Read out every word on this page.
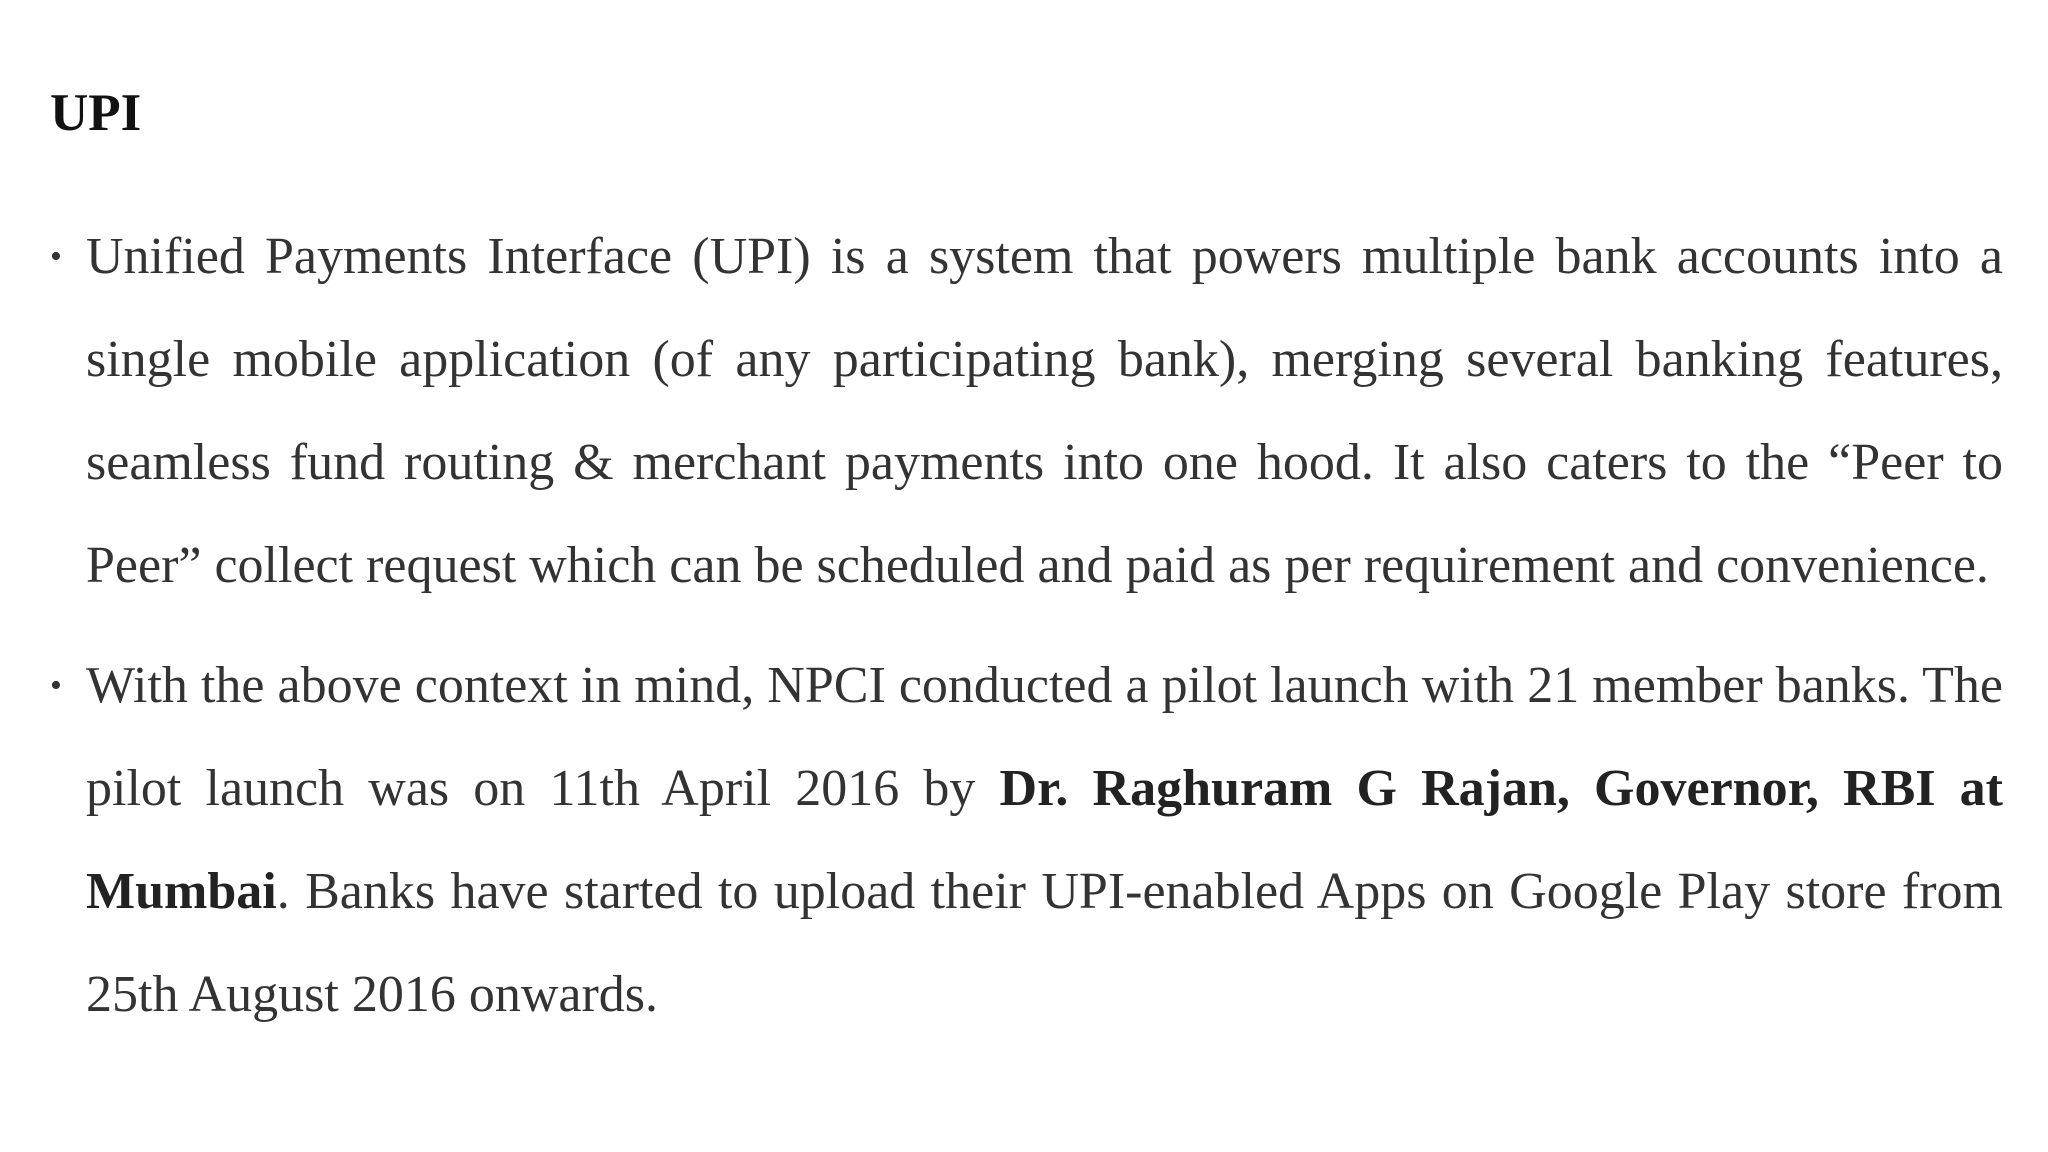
UPI
• Unified Payments Interface (UPI) is a system that powers multiple bank accounts into a single mobile application (of any participating bank), merging several banking features, seamless fund routing & merchant payments into one hood. It also caters to the “Peer to Peer” collect request which can be scheduled and paid as per requirement and convenience.
• With the above context in mind, NPCI conducted a pilot launch with 21 member banks. The pilot launch was on 11th April 2016 by Dr. Raghuram G Rajan, Governor, RBI at Mumbai. Banks have started to upload their UPI-enabled Apps on Google Play store from 25th August 2016 onwards.
